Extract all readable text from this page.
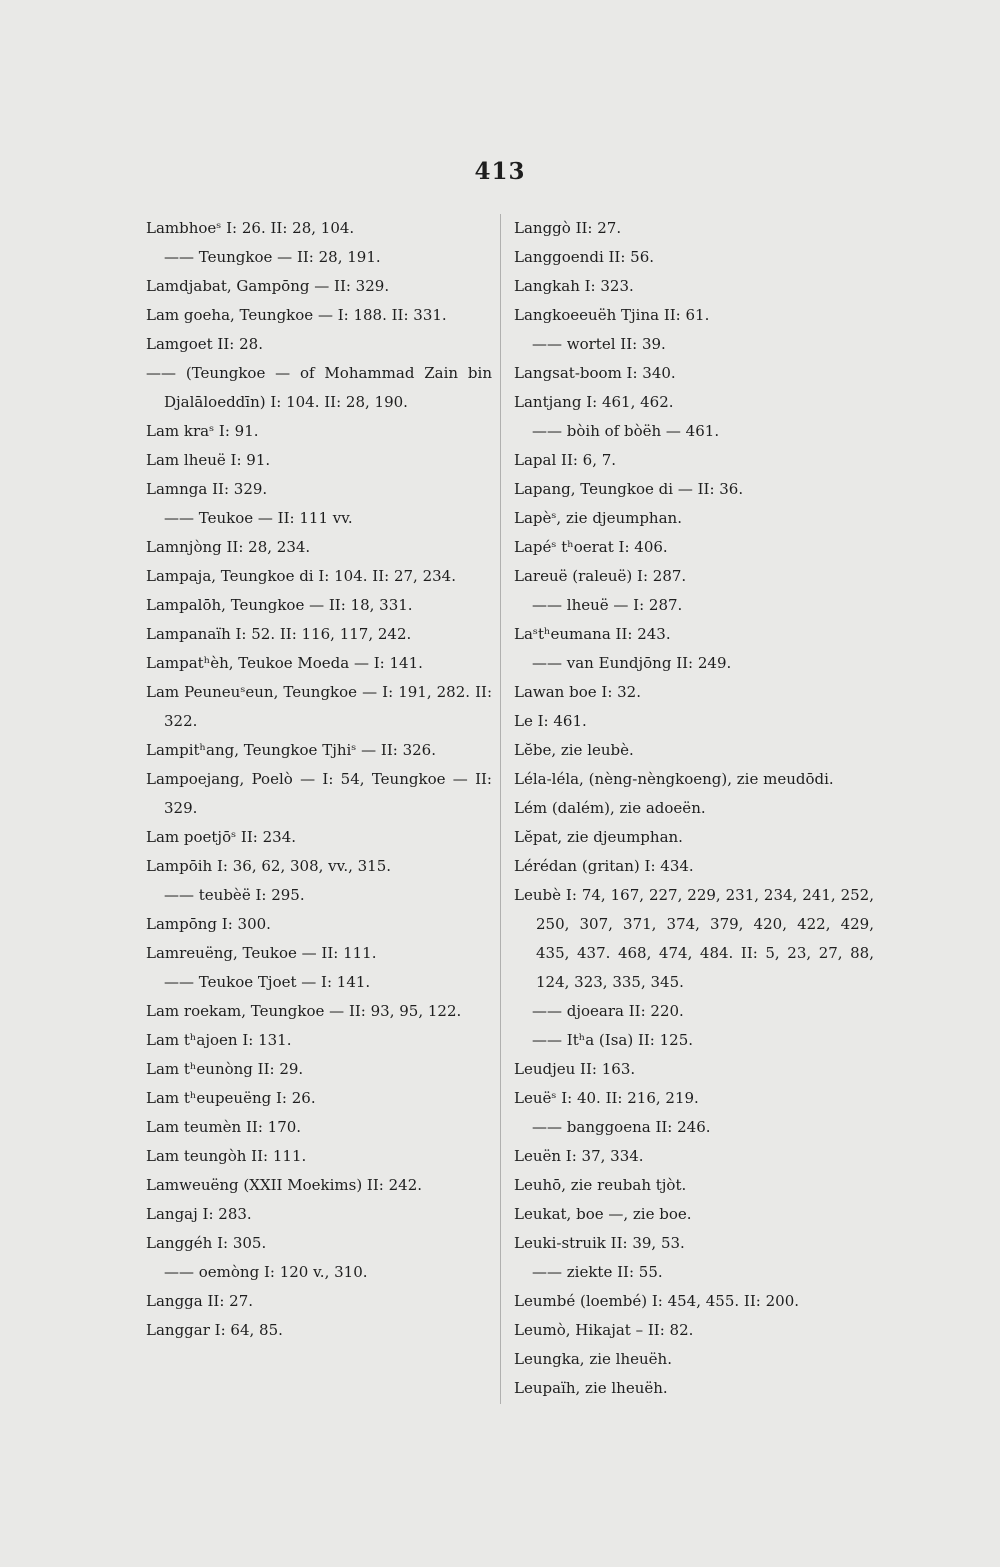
413
Lambhoeˢ I: 26. II: 28, 104.
—— Teungkoe — II: 28, 191.
Lamdjabat, Gampōng — II: 329.
Lam goeha, Teungkoe — I: 188. II: 331.
Lamgoet II: 28.
—— (Teungkoe — of Mohammad Zain bin Djalāloeddīn) I: 104. II: 28, 190.
Lam kraˢ I: 91.
Lam lheuë I: 91.
Lamnga II: 329.
—— Teukoe — II: 111 vv.
Lamnjòng II: 28, 234.
Lampaja, Teungkoe di I: 104. II: 27, 234.
Lampalōh, Teungkoe — II: 18, 331.
Lampanaïh I: 52. II: 116, 117, 242.
Lampatʰèh, Teukoe Moeda — I: 141.
Lam Peuneuˢeun, Teungkoe — I: 191, 282. II: 322.
Lampitʰang, Teungkoe Tjhiˢ — II: 326.
Lampoejang, Poelò — I: 54, Teungkoe — II: 329.
Lam poetjōˢ II: 234.
Lampōih I: 36, 62, 308, vv., 315.
—— teubèë I: 295.
Lampōng I: 300.
Lamreuëng, Teukoe — II: 111.
—— Teukoe Tjoet — I: 141.
Lam roekam, Teungkoe — II: 93, 95, 122.
Lam tʰajoen I: 131.
Lam tʰeunòng II: 29.
Lam tʰeupeuëng I: 26.
Lam teumèn II: 170.
Lam teungòh II: 111.
Lamweuëng (XXII Moekims) II: 242.
Langaj I: 283.
Langgéh I: 305.
—— oemòng I: 120 v., 310.
Langga II: 27.
Langgar I: 64, 85.
Langgò II: 27.
Langgoendi II: 56.
Langkah I: 323.
Langkoeeuëh Tjina II: 61.
—— wortel II: 39.
Langsat-boom I: 340.
Lantjang I: 461, 462.
—— bòih of bòëh — 461.
Lapal II: 6, 7.
Lapang, Teungkoe di — II: 36.
Lapèˢ, zie djeumphan.
Lapéˢ tʰoerat I: 406.
Lareuë (raleuë) I: 287.
—— lheuë — I: 287.
Laˢtʰeumana II: 243.
—— van Eundjōng II: 249.
Lawan boe I: 32.
Le I: 461.
Lĕbe, zie leubè.
Léla-léla, (nèng-nèngkoeng), zie meudōdi.
Lém (dalém), zie adoeën.
Lĕpat, zie djeumphan.
Lérédan (gritan) I: 434.
Leubè I: 74, 167, 227, 229, 231, 234, 241, 252, 250, 307, 371, 374, 379, 420, 422, 429, 435, 437. 468, 474, 484. II: 5, 23, 27, 88, 124, 323, 335, 345.
—— djoeara II: 220.
—— Itʰa (Isa) II: 125.
Leudjeu II: 163.
Leuëˢ I: 40. II: 216, 219.
—— banggoena II: 246.
Leuën I: 37, 334.
Leuhō, zie reubah tjòt.
Leukat, boe —, zie boe.
Leuki-struik II: 39, 53.
—— ziekte II: 55.
Leumbé (loembé) I: 454, 455. II: 200.
Leumò, Hikajat – II: 82.
Leungka, zie lheuëh.
Leupaïh, zie lheuëh.
